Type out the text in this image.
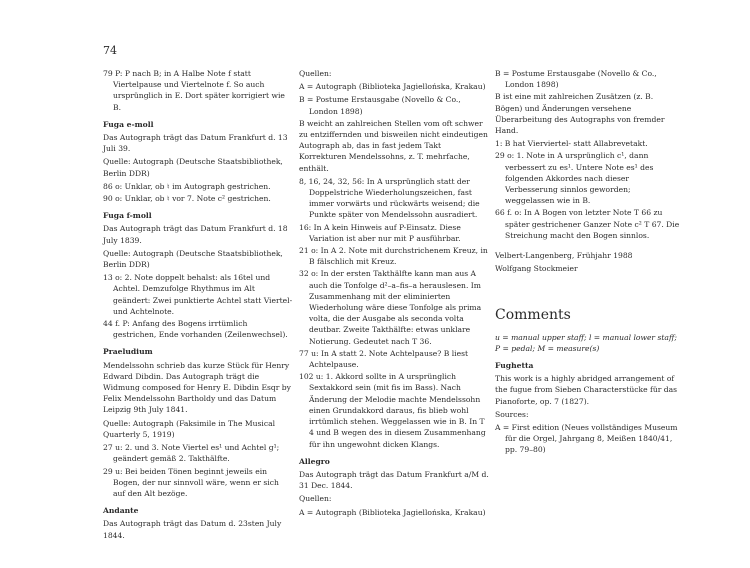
74
79 P: P nach B; in A Halbe Note f statt Viertelpause und Viertelnote f. So auch ursprünglich in E. Dort später korrigiert wie B.
Fuga e-moll
Das Autograph trägt das Datum Frankfurt d. 13 Juli 39.
Quelle: Autograph (Deutsche Staatsbibliothek, Berlin DDR)
86 o: Unklar, ob ♮ im Autograph gestrichen.
90 o: Unklar, ob ♮ vor 7. Note c² gestrichen.
Fuga f-moll
Das Autograph trägt das Datum Frankfurt d. 18 July 1839.
Quelle: Autograph (Deutsche Staatsbibliothek, Berlin DDR)
13 o: 2. Note doppelt behalst: als 16tel und Achtel. Demzufolge Rhythmus im Alt geändert: Zwei punktierte Achtel statt Viertel- und Achtelnote.
44 f. P: Anfang des Bogens irrtümlich gestrichen, Ende vorhanden (Zeilenwechsel).
Praeludium
Mendelssohn schrieb das kurze Stück für Henry Edward Dibdin. Das Autograph trägt die Widmung composed for Henry E. Dibdin Esqr by Felix Mendelssohn Bartholdy und das Datum Leipzig 9th July 1841.
Quelle: Autograph (Faksimile in The Musical Quarterly 5, 1919)
27 u: 2. und 3. Note Viertel es¹ und Achtel g¹; geändert gemäß 2. Takthälfte.
29 u: Bei beiden Tönen beginnt jeweils ein Bogen, der nur sinnvoll wäre, wenn er sich auf den Alt bezöge.
Andante
Das Autograph trägt das Datum d. 23sten July 1844.
Quellen:
A = Autograph (Biblioteka Jagiellońska, Krakau)
B = Postume Erstausgabe (Novello & Co., London 1898)
B weicht an zahlreichen Stellen vom oft schwer zu entziffernden und bisweilen nicht eindeutigen Autograph ab, das in fast jedem Takt Korrekturen Mendelssohns, z. T. mehrfache, enthält.
8, 16, 24, 32, 56: In A ursprünglich statt der Doppelstriche Wiederholungszeichen, fast immer vorwärts und rückwärts weisend; die Punkte später von Mendelssohn ausradiert.
16: In A kein Hinweis auf P-Einsatz. Diese Variation ist aber nur mit P ausführbar.
21 o: In A 2. Note mit durchstrichenem Kreuz, in B fälschlich mit Kreuz.
32 o: In der ersten Takthälfte kann man aus A auch die Tonfolge d²–a–fis–a herauslesen. Im Zusammenhang mit der eliminierten Wiederholung wäre diese Tonfolge als prima volta, die der Ausgabe als seconda volta deutbar. Zweite Takthälfte: etwas unklare Notierung. Gedeutet nach T 36.
77 u: In A statt 2. Note Achtelpause? B liest Achtelpause.
102 u: 1. Akkord sollte in A ursprünglich Sextakkord sein (mit fis im Bass). Nach Änderung der Melodie machte Mendelssohn einen Grundakkord daraus, fis blieb wohl irrtümlich stehen. Weggelassen wie in B. In T 4 und B wegen des in diesem Zusammenhang für ihn ungewohnt dicken Klangs.
Allegro
Das Autograph trägt das Datum Frankfurt a/M d. 31 Dec. 1844.
Quellen:
A = Autograph (Biblioteka Jagiellońska, Krakau)
B = Postume Erstausgabe (Novello & Co., London 1898)
B ist eine mit zahlreichen Zusätzen (z. B. Bögen) und Änderungen versehene Überarbeitung des Autographs von fremder Hand.
1: B hat Vierviertel- statt Allabrevetakt.
29 o: 1. Note in A ursprünglich c¹, dann verbessert zu es¹. Untere Note es¹ des folgenden Akkordes nach dieser Verbesserung sinnlos geworden; weggelassen wie in B.
66 f. o: In A Bogen von letzter Note T 66 zu später gestrichener Ganzer Note c² T 67. Die Streichung macht den Bogen sinnlos.
Velbert-Langenberg, Frühjahr 1988
Wolfgang Stockmeier
Comments
u = manual upper staff; l = manual lower staff; P = pedal; M = measure(s)
Fughetta
This work is a highly abridged arrangement of the fugue from Sieben Characterstücke für das Pianoforte, op. 7 (1827).
Sources:
A = First edition (Neues vollständiges Museum für die Orgel, Jahrgang 8, Meißen 1840/41, pp. 79–80)
